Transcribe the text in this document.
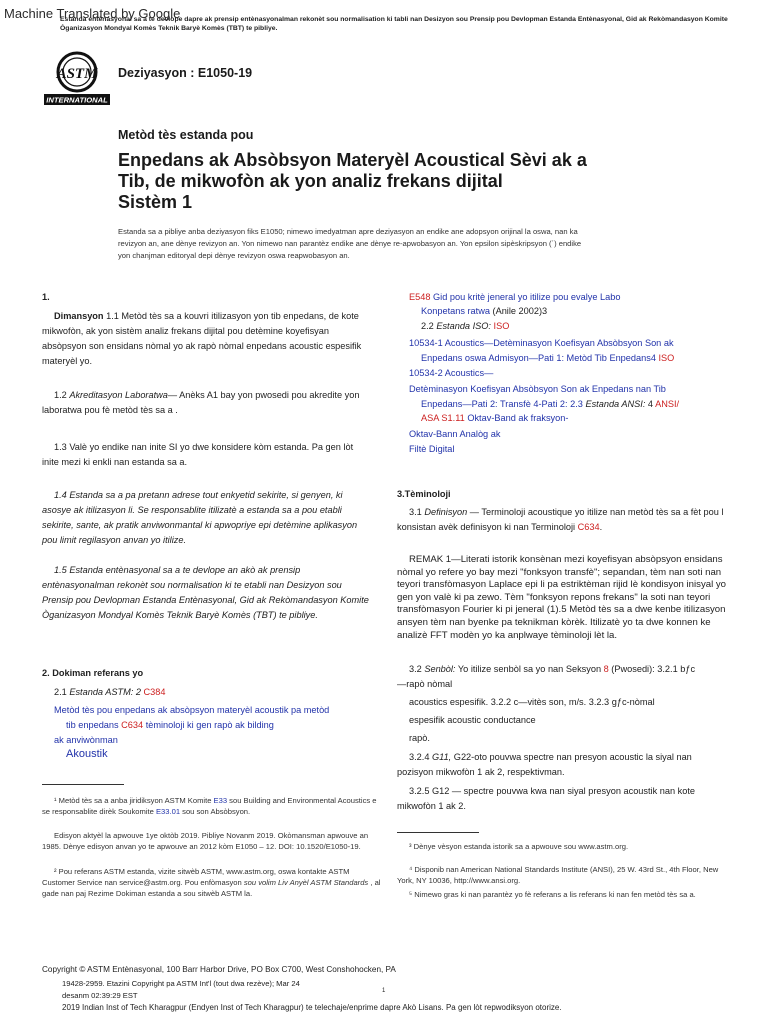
Machine Translated by Google
Estanda entènasyonal sa a te devlope dapre ak prensip entènasyonalman rekonèt sou normalisation ki tabli nan Desizyon sou Prensip pou Devlopman Estanda Entènasyonal, Gid ak Rekòmandasyon Komite Òganizasyon Mondyal Komès Teknik Baryè Komès (TBT) te pibliye.
ASTM
INTERNATIONAL
Deziyasyon : E1050-19
Metòd tès estanda pou
Enpedans ak Absòbsyon Materyèl Acoustical Sèvi ak a
Tib, de mikwofòn ak yon analiz frekans dijital
Sistèm 1
Estanda sa a pibliye anba deziyasyon fiks E1050; nimewo imedyatman apre deziyasyon an endike ane adopsyon orijinal la oswa, nan ka
revizyon an, ane dènye revizyon an. Yon nimewo nan parantèz endike ane dènye re-apwobasyon an. Yon epsilon sipèskripsyon (´) endike
yon chanjman editoryal depi dènye revizyon oswa reapwobasyon an.
1.

Dimansyon 1.1 Metòd tès sa a kouvri itilizasyon yon tib enpedans, de kote mikwofòn, ak yon sistèm analiz frekans dijital pou detèmine koyefisyan absòpsyon son ensidans nòmal yo ak rapò nòmal enpedans acoustic espesifik materyèl yo.

1.2 Akreditasyon Laboratwa— Anèks A1 bay yon pwosedi pou akredite yon laboratwa pou fè metòd tès sa a .

1.3 Valè yo endike nan inite SI yo dwe konsidere kòm estanda. Pa gen lòt inite mezi ki enkli nan estanda sa a.

1.4 Estanda sa a pa pretann adrese tout enkyetid sekirite, si genyen, ki asosye ak itilizasyon li. Se responsablite itilizatè a estanda sa a pou etabli sekirite, sante, ak pratik anviwonmantal ki apwopriye epi detèmine aplikasyon pou limit regilasyon anvan yo itilize.

1.5 Estanda entènasyonal sa a te devlope an akò ak prensip entènasyonalman rekonèt sou normalisation ki te etabli nan Desizyon sou Prensip pou Devlopman Estanda Entènasyonal, Gid ak Rekòmandasyon Komite Òganizasyon Mondyal Komès Teknik Baryè Komès (TBT) te pibliye.

2. Dokiman referans yo
2.1 Estanda ASTM: 2 C384
Metòd tès pou enpedans ak absòpsyon materyèl acoustik pa metòd
tib enpedans C634 tèminoloji ki gen rapò ak bilding
ak anviwònman
Akoustik

¹ Metòd tès sa a anba jiridiksyon ASTM Komite E33 sou Building and Environmental Acoustics e se responsablite dirèk Soukomite E33.01 sou son Absòbsyon.

Edisyon aktyèl la apwouve 1ye oktòb 2019. Pibliye Novanm 2019. Okòmansman apwouve an 1985. Dènye edisyon anvan yo te apwouve an 2012 kòm E1050 – 12. DOI: 10.1520/E1050-19.

² Pou referans ASTM estanda, vizite sitwèb ASTM, www.astm.org, oswa kontakte ASTM Customer Service nan service@astm.org. Pou enfòmasyon sou volim Liv Anyèl ASTM Standards , al gade nan paj Rezime Dokiman estanda a sou sitwèb ASTM la.

E548 Gid pou kritè jeneral yo itilize pou evalye Labo
Konpetans ratwa (Anile 2002)3
2.2 Estanda ISO: ISO
10534-1 Acoustics—Detèminasyon Koefisyan Absòbsyon Son ak
Enpedans oswa Admisyon—Pati 1: Metòd Tib Enpedans4 ISO
10534-2 Acoustics—
Detèminasyon Koefisyan Absòbsyon Son ak Enpedans nan Tib
Enpedans—Pati 2: Transfè 4-Pati 2: 2.3 Estanda ANSI: 4 ANSI/
ASA S1.11 Oktav-Band ak fraksyon-
Oktav-Bann Analòg ak
Filtè Digital
3.Tèminoloji

3.1 Definisyon — Terminoloji acoustique yo itilize nan metòd tès sa a fèt pou l konsistan avèk definisyon ki nan Terminoloji C634.

REMAK 1—Literati istorik konsènan mezi koyefisyan absòpsyon ensidans nòmal yo refere yo bay mezi "fonksyon transfè"; sepandan, tèm nan soti nan teyori transfòmasyon Laplace epi li pa estriktèman rijid lè kondisyon inisyal yo gen yon valè ki pa zewo. Tèm "fonksyon repons frekans" la soti nan teyori transfòmasyon Fourier ki pi jeneral (1).5 Metòd tès sa a dwe kenbe itilizasyon ansyen tèm nan byenke pa teknikman kòrèk. Itilizatè yo ta dwe konnen ke analizè FFT modèn yo ka anplwaye tèminoloji lèt la.

3.2 Senbòl: Yo itilize senbòl sa yo nan Seksyon 8 (Pwosedi): 3.2.1 bƒc

—rapò nòmal
acoustics espesifik. 3.2.2 c—vitès son, m/s. 3.2.3 gƒc-nòmal
espesifik acoustic conductance
rapò.

3.2.4 G11, G22-oto pouvwa spectre nan presyon acoustic la siyal nan pozisyon mikwofòn 1 ak 2, respektivman.

3.2.5 G12 — spectre pouvwa kwa nan siyal presyon acoustik nan kote mikwofòn 1 ak 2.

³ Dènye vèsyon estanda istorik sa a apwouve sou www.astm.org.

⁴ Disponib nan American National Standards Institute (ANSI), 25 W. 43rd St., 4th Floor, New York, NY 10036, http://www.ansi.org.

⁵ Nimewo gras ki nan parantèz yo fè referans a lis referans ki nan fen metòd tès sa a.

Copyright © ASTM Entènasyonal, 100 Barr Harbor Drive, PO Box C700, West Conshohocken, PA
19428-2959. Etazini Copyright pa ASTM Int'l (tout dwa rezève); Mar 24
desanm 02:39:29 EST	1
2019 Indian Inst of Tech Kharagpur (Endyen Inst of Tech Kharagpur) te telechaje/enprime dapre Akò Lisans. Pa gen lòt repwodiksyon otorize.
